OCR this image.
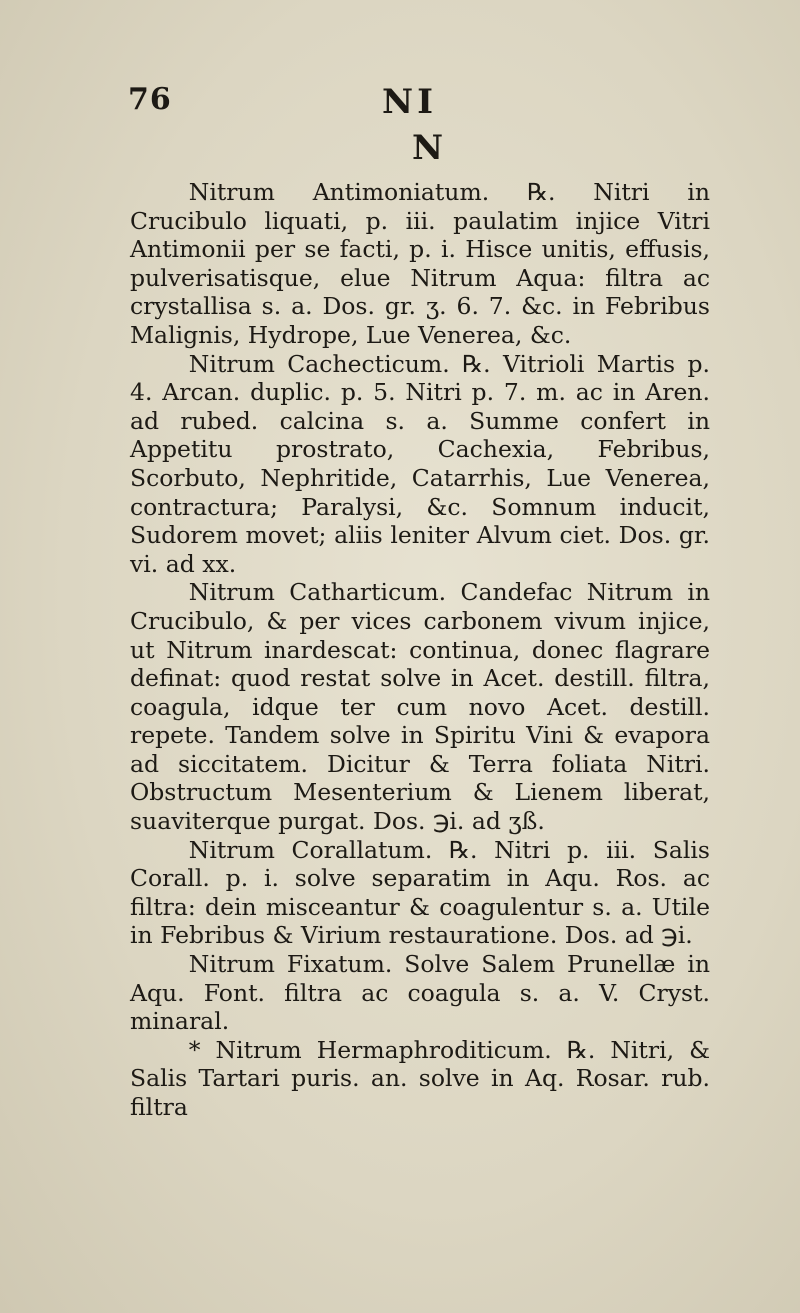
76	NI
N

Nitrum Antimoniatum. ℞. Nitri in Crucibulo liquati, p. iii. paulatim injice Vitri Antimonii per se facti, p. i. Hisce unitis, effusis, pulverisatisque, elue Nitrum Aqua: filtra ac crystallisa s. a. Dos. gr. ʒ. 6. 7. &c. in Febribus Malignis, Hydrope, Lue Venerea, &c.

Nitrum Cachecticum. ℞. Vitrioli Martis p. 4. Arcan. duplic. p. 5. Nitri p. 7. m. ac in Aren. ad rubed. calcina s. a. Summe confert in Appetitu prostrato, Cachexia, Febribus, Scorbuto, Nephritide, Catarrhis, Lue Venerea, contractura; Paralysi, &c. Somnum inducit, Sudorem movet; aliis leniter Alvum ciet. Dos. gr. vi. ad xx.

Nitrum Catharticum. Candefac Nitrum in Crucibulo, & per vices carbonem vivum injice, ut Nitrum inardescat: continua, donec flagrare definat: quod restat solve in Acet. destill. filtra, coagula, idque ter cum novo Acet. destill. repete. Tandem solve in Spiritu Vini & evapora ad siccitatem. Dicitur & Terra foliata Nitri. Obstructum Mesenterium & Lienem liberat, suaviterque purgat. Dos. ℈i. ad ʒß.

Nitrum Corallatum. ℞. Nitri p. iii. Salis Corall. p. i. solve separatim in Aqu. Ros. ac filtra: dein misceantur & coagulentur s. a. Utile in Febribus & Virium restauratione. Dos. ad ℈i.

Nitrum Fixatum. Solve Salem Prunellæ in Aqu. Font. filtra ac coagula s. a. V. Cryst. minaral.

* Nitrum Hermaphroditicum. ℞. Nitri, & Salis Tartari puris. an. solve in Aq. Rosar. rub. filtra
